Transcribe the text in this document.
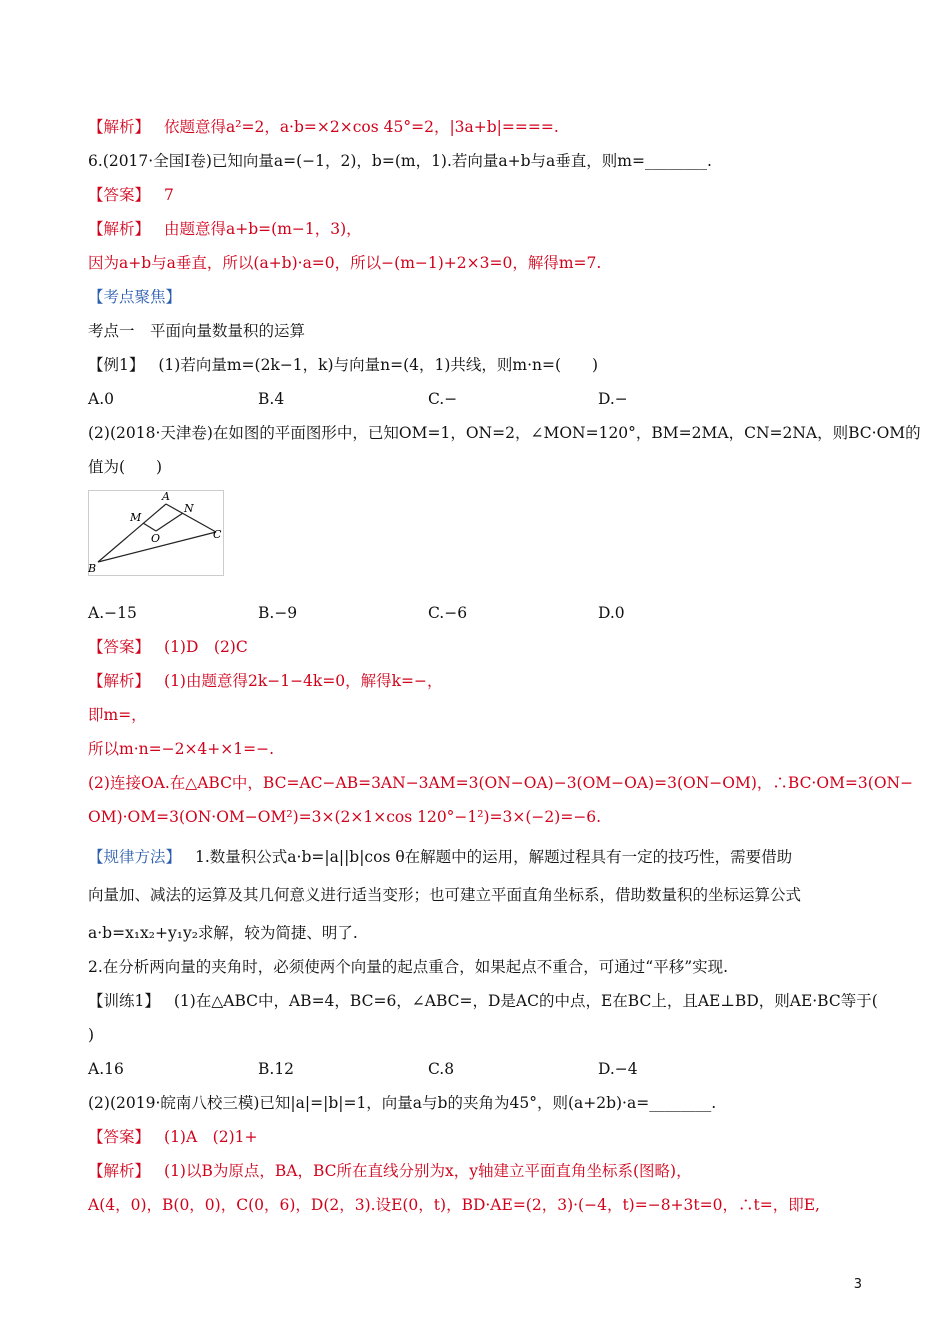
【解析】 依题意得a²=2，a·b=×2×cos 45°=2，|3a+b|====.
6.(2017·全国Ⅰ卷)已知向量a=(−1，2)，b=(m，1).若向量a+b与a垂直，则m=________.
【答案】 7
【解析】 由题意得a+b=(m−1，3)，
因为a+b与a垂直，所以(a+b)·a=0，所以−(m−1)+2×3=0，解得m=7.
【考点聚焦】
考点一　平面向量数量积的运算
【例1】 (1)若向量m=(2k−1，k)与向量n=(4，1)共线，则m·n=(　　)
A.0	B.4	C.−	D.−
(2)(2018·天津卷)在如图的平面图形中，已知OM=1，ON=2，∠MON=120°，BM=2MA，CN=2NA，则BC·OM的
值为(　　)
A
M
N
O
B
C
A.−15	B.−9	C.−6	D.0
【答案】 (1)D　(2)C
【解析】 (1)由题意得2k−1−4k=0，解得k=−，
即m=，
所以m·n=−2×4+×1=−.
(2)连接OA.在△ABC中，BC=AC−AB=3AN−3AM=3(ON−OA)−3(OM−OA)=3(ON−OM)，∴BC·OM=3(ON−
OM)·OM=3(ON·OM−OM²)=3×(2×1×cos 120°−1²)=3×(−2)=−6.
【规律方法】 1.数量积公式a·b=|a||b|cos θ在解题中的运用，解题过程具有一定的技巧性，需要借助
向量加、减法的运算及其几何意义进行适当变形；也可建立平面直角坐标系，借助数量积的坐标运算公式
a·b=x₁x₂+y₁y₂求解，较为简捷、明了.
2.在分析两向量的夹角时，必须使两个向量的起点重合，如果起点不重合，可通过“平移”实现.
【训练1】 (1)在△ABC中，AB=4，BC=6，∠ABC=，D是AC的中点，E在BC上，且AE⊥BD，则AE·BC等于(
)
A.16	B.12	C.8	D.−4
(2)(2019·皖南八校三模)已知|a|=|b|=1，向量a与b的夹角为45°，则(a+2b)·a=________.
【答案】 (1)A　(2)1+
【解析】 (1)以B为原点，BA，BC所在直线分别为x，y轴建立平面直角坐标系(图略)，
A(4，0)，B(0，0)，C(0，6)，D(2，3).设E(0，t)，BD·AE=(2，3)·(−4，t)=−8+3t=0，∴t=，即E,
3
